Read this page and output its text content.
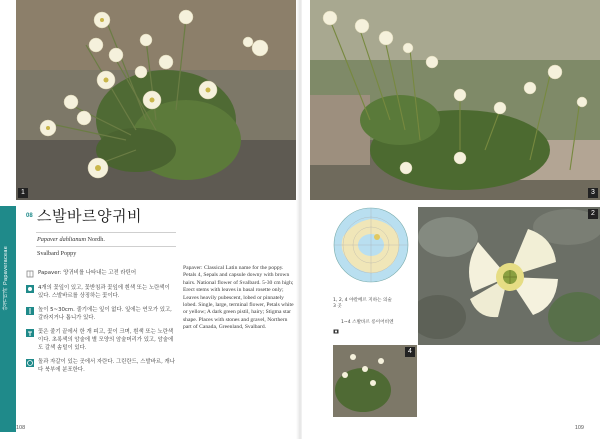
1
양귀비과 Papaveraceae
08 스발바르양귀비
Papaver dahlianum Nordh.
Svalbard Poppy
Papaver: 양귀비를 나타내는 고전 라틴어
4개의 꽃잎이 있고, 꽃받침과 꽃잎에 흰색 또는 노란색이 있다. 스발바르를 상징하는 꽃이다.
높이 5~30cm. 줄기에는 잎이 없다. 잎에는 연모가 있고, 갈라지거나 톱니가 있다.
꽃은 줄기 끝에서 한 개 피고, 꽃이 크며, 흰색 또는 노란색이다. 초록색의 암술에 별 모양의 암술머리가 있고, 암술에도 갈색 솜털이 있다.
돌과 자갈이 있는 곳에서 자란다. 그린란드, 스발바르, 캐나다 북부에 분포한다.
Papaver: Classical Latin name for the poppy. Petals 4, Sepals and capsule downy with brown hairs. National flower of Svalbard. 5-30 cm high; Erect stems with leaves in basal rosette only; Leaves heavily pubescent, lobed or pinnately lobed. Single, large, terminal flower, Petals white or yellow; A dark green pistil, hairy; Stigma star shape. Places with stones and gravel, Northern part of Canada, Greenland, Svalbard.
108
3
1, 2, 4 야칼베르 지하는 의술
3 곳
1~4 스발바르 롱이어비엔
2
4
109
